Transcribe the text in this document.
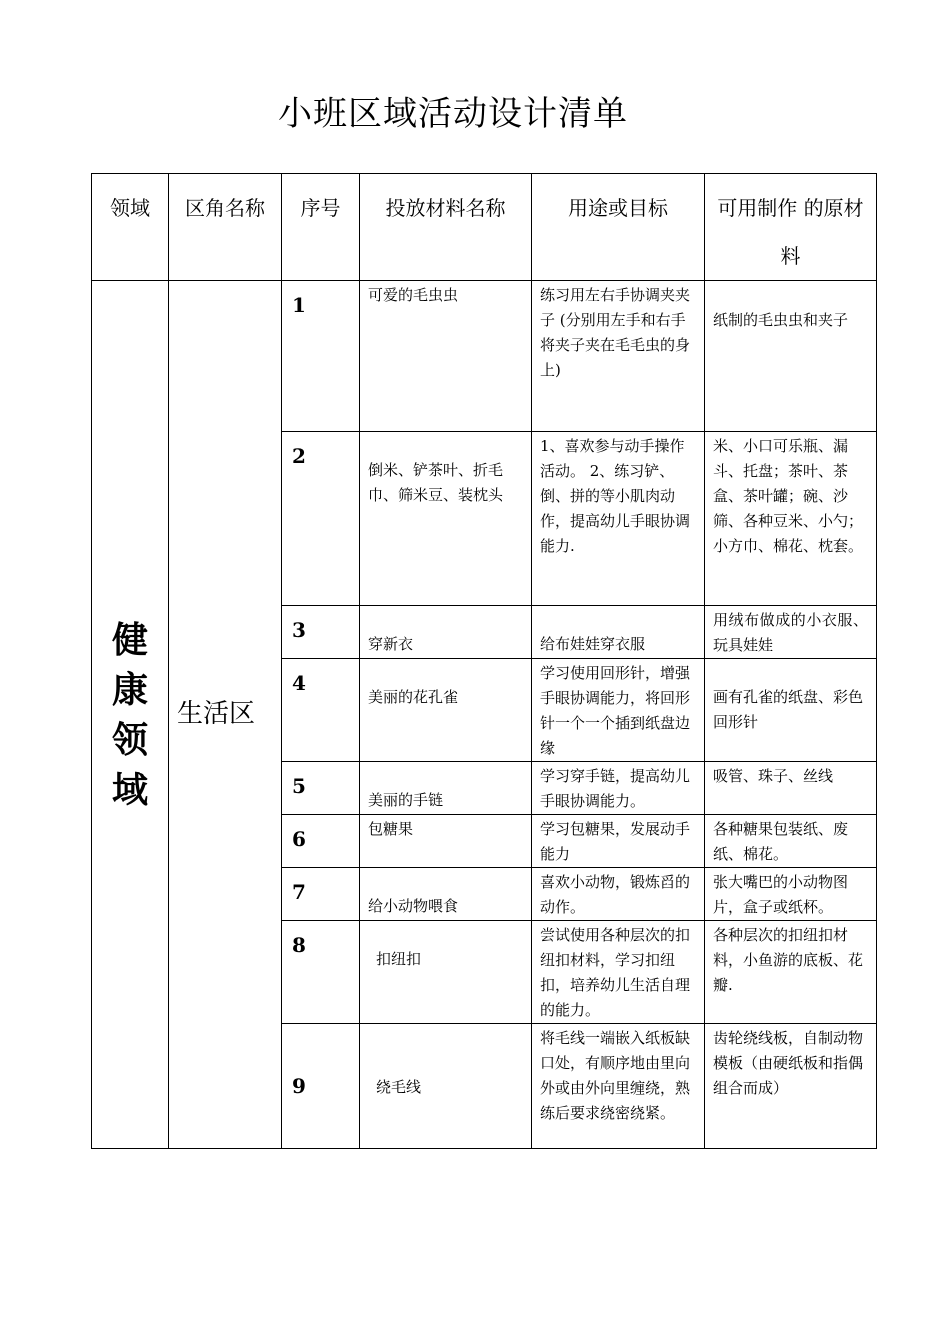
小班区域活动设计清单
领域	区角名称	序号	投放材料名称	用途或目标	可用制作 的原材料

健康领域	生活区	1	可爱的毛虫虫	练习用左右手协调夹夹子 (分别用左手和右手将夹子夹在毛毛虫的身上)	纸制的毛虫虫和夹子

		2	倒米、铲茶叶、折毛巾、筛米豆、装枕头	1、喜欢参与动手操作活动。 2、练习铲、倒、拼的等小肌肉动作，提高幼儿手眼协调能力.	米、小口可乐瓶、漏斗、托盘；茶叶、茶盒、茶叶罐；碗、沙筛、各种豆米、小勺；小方巾、棉花、枕套。

		3	穿新衣	给布娃娃穿衣服	用绒布做成的小衣服、玩具娃娃

		4	美丽的花孔雀	学习使用回形针，增强手眼协调能力，将回形针一个一个插到纸盘边缘	画有孔雀的纸盘、彩色回形针

		5	美丽的手链	学习穿手链，提高幼儿手眼协调能力。	吸管、珠子、丝线

		6	包糖果	学习包糖果，发展动手能力	各种糖果包装纸、废纸、棉花。

		7	给小动物喂食	喜欢小动物，锻炼舀的动作。	张大嘴巴的小动物图片，盒子或纸杯。

		8	扣纽扣	尝试使用各种层次的扣纽扣材料，学习扣纽扣，培养幼儿生活自理的能力。	各种层次的扣纽扣材料，小鱼游的底板、花瓣.

		9	绕毛线	将毛线一端嵌入纸板缺口处，有顺序地由里向外或由外向里缠绕，熟练后要求绕密绕紧。	齿轮绕线板，自制动物模板（由硬纸板和指偶组合而成）
